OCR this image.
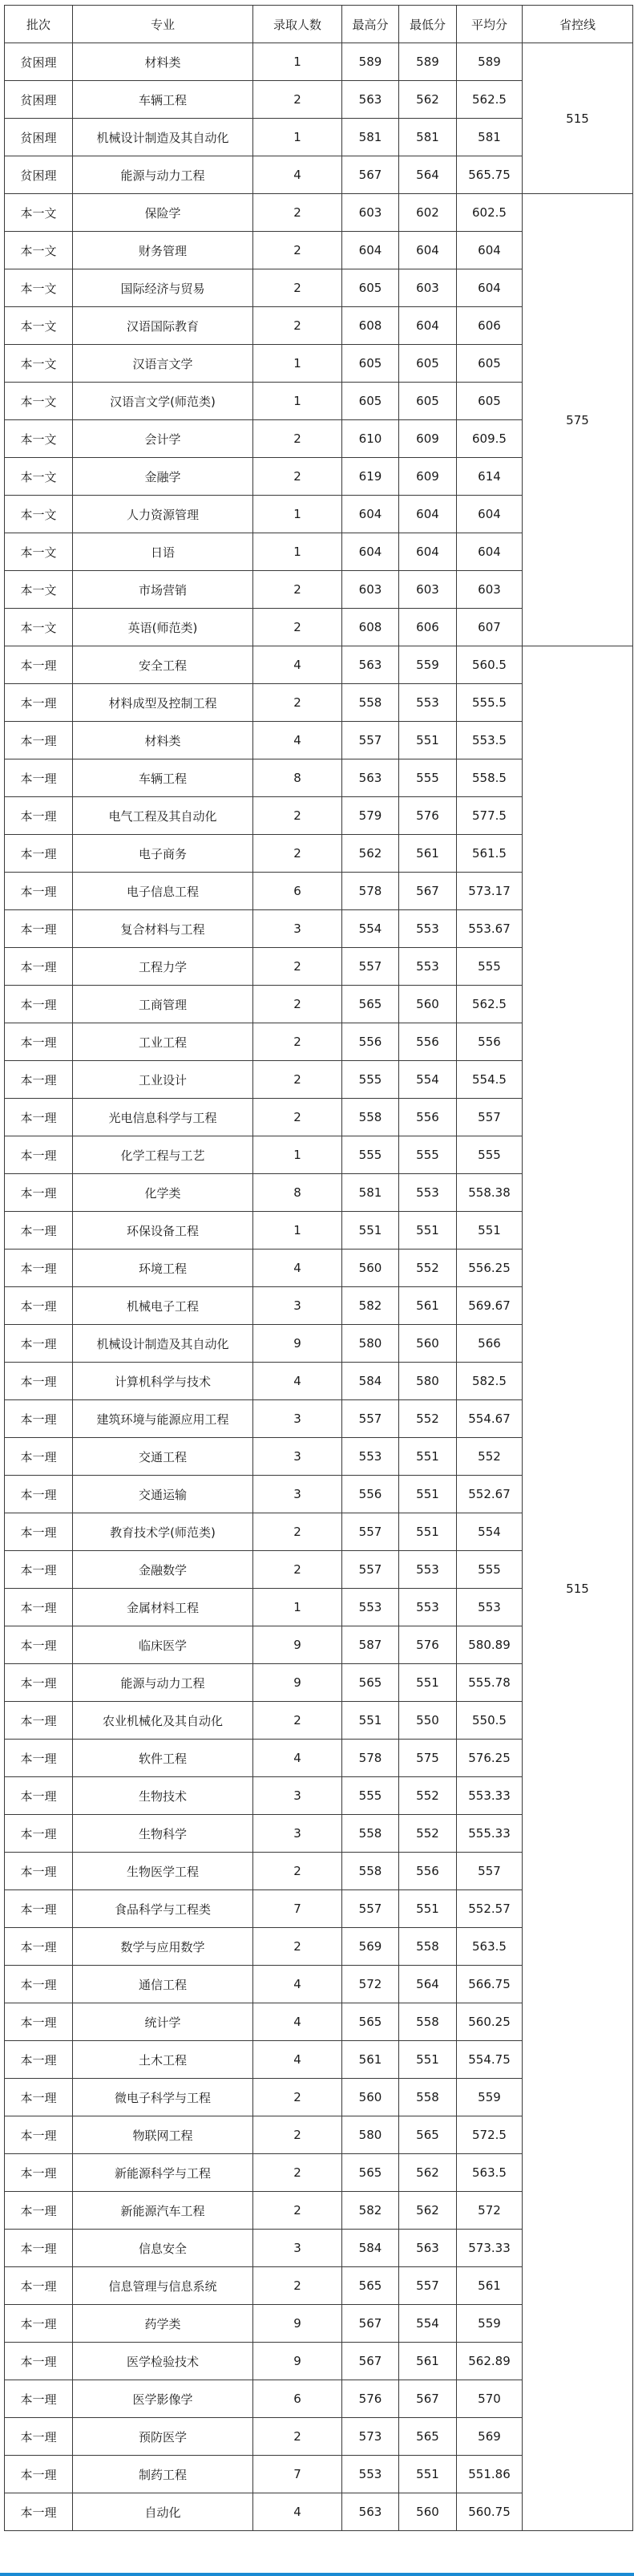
批次	专业	录取人数	最高分	最低分	平均分	省控线
贫困理	材料类	1	589	589	589	515
贫困理	车辆工程	2	563	562	562.5	
贫困理	机械设计制造及其自动化	1	581	581	581	
贫困理	能源与动力工程	4	567	564	565.75	
本一文	保险学	2	603	602	602.5	575
本一文	财务管理	2	604	604	604	
本一文	国际经济与贸易	2	605	603	604	
本一文	汉语国际教育	2	608	604	606	
本一文	汉语言文学	1	605	605	605	
本一文	汉语言文学(师范类)	1	605	605	605	
本一文	会计学	2	610	609	609.5	
本一文	金融学	2	619	609	614	
本一文	人力资源管理	1	604	604	604	
本一文	日语	1	604	604	604	
本一文	市场营销	2	603	603	603	
本一文	英语(师范类)	2	608	606	607	
本一理	安全工程	4	563	559	560.5	515
本一理	材料成型及控制工程	2	558	553	555.5	
本一理	材料类	4	557	551	553.5	
本一理	车辆工程	8	563	555	558.5	
本一理	电气工程及其自动化	2	579	576	577.5	
本一理	电子商务	2	562	561	561.5	
本一理	电子信息工程	6	578	567	573.17	
本一理	复合材料与工程	3	554	553	553.67	
本一理	工程力学	2	557	553	555	
本一理	工商管理	2	565	560	562.5	
本一理	工业工程	2	556	556	556	
本一理	工业设计	2	555	554	554.5	
本一理	光电信息科学与工程	2	558	556	557	
本一理	化学工程与工艺	1	555	555	555	
本一理	化学类	8	581	553	558.38	
本一理	环保设备工程	1	551	551	551	
本一理	环境工程	4	560	552	556.25	
本一理	机械电子工程	3	582	561	569.67	
本一理	机械设计制造及其自动化	9	580	560	566	
本一理	计算机科学与技术	4	584	580	582.5	
本一理	建筑环境与能源应用工程	3	557	552	554.67	
本一理	交通工程	3	553	551	552	
本一理	交通运输	3	556	551	552.67	
本一理	教育技术学(师范类)	2	557	551	554	
本一理	金融数学	2	557	553	555	
本一理	金属材料工程	1	553	553	553	
本一理	临床医学	9	587	576	580.89	
本一理	能源与动力工程	9	565	551	555.78	
本一理	农业机械化及其自动化	2	551	550	550.5	
本一理	软件工程	4	578	575	576.25	
本一理	生物技术	3	555	552	553.33	
本一理	生物科学	3	558	552	555.33	
本一理	生物医学工程	2	558	556	557	
本一理	食品科学与工程类	7	557	551	552.57	
本一理	数学与应用数学	2	569	558	563.5	
本一理	通信工程	4	572	564	566.75	
本一理	统计学	4	565	558	560.25	
本一理	土木工程	4	561	551	554.75	
本一理	微电子科学与工程	2	560	558	559	
本一理	物联网工程	2	580	565	572.5	
本一理	新能源科学与工程	2	565	562	563.5	
本一理	新能源汽车工程	2	582	562	572	
本一理	信息安全	3	584	563	573.33	
本一理	信息管理与信息系统	2	565	557	561	
本一理	药学类	9	567	554	559	
本一理	医学检验技术	9	567	561	562.89	
本一理	医学影像学	6	576	567	570	
本一理	预防医学	2	573	565	569	
本一理	制药工程	7	553	551	551.86	
本一理	自动化	4	563	560	560.75	
